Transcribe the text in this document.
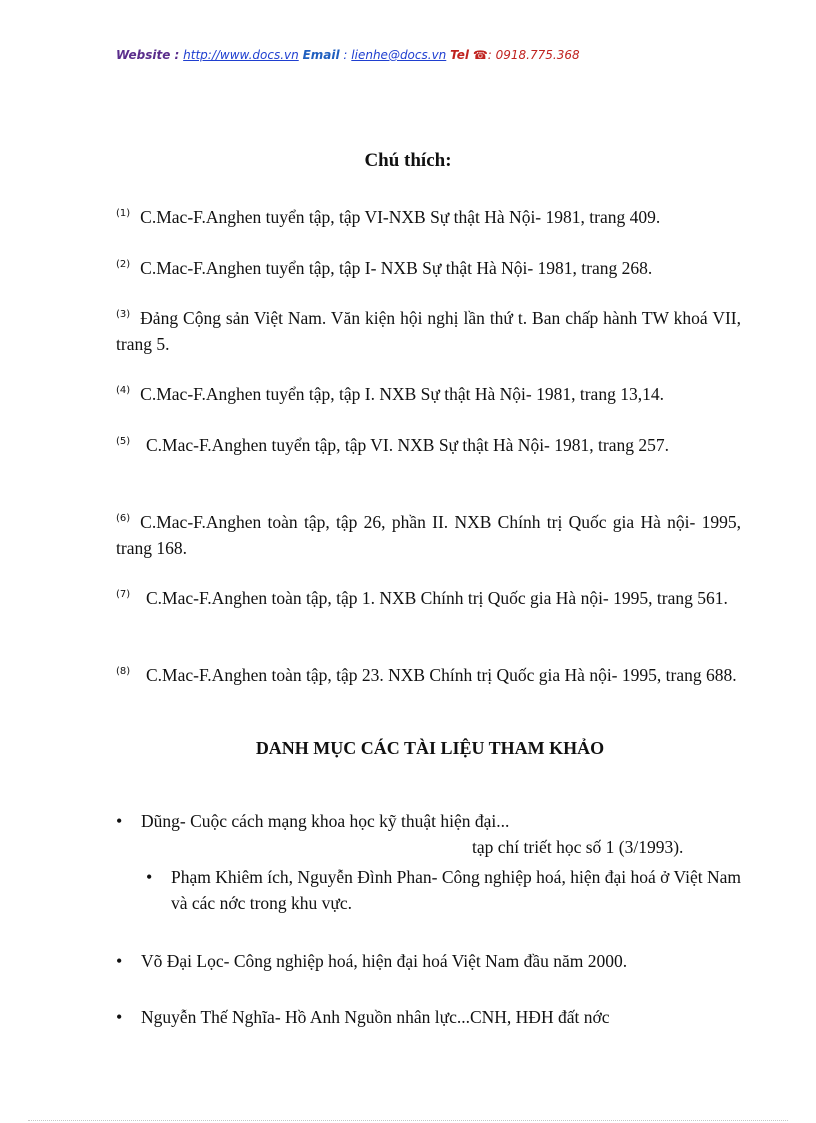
Website : http://www.docs.vn Email : lienhe@docs.vn Tel ☎: 0918.775.368
Chú thích:
$^{(1)}$ C.Mac-F.Anghen tuyển tập, tập VI-NXB Sự thật Hà Nội- 1981, trang 409.
$^{(2)}$ C.Mac-F.Anghen tuyển tập, tập I- NXB Sự thật Hà Nội- 1981, trang 268.
$^{(3)}$ Đảng Cộng sản Việt Nam. Văn kiện hội nghị lần thứ t. Ban chấp hành TW khoá VII, trang 5.
$^{(4)}$ C.Mac-F.Anghen tuyển tập, tập I. NXB Sự thật Hà Nội- 1981, trang 13,14.
$^{(5)}$ C.Mac-F.Anghen tuyển tập, tập VI. NXB Sự thật Hà Nội- 1981, trang 257.
$^{(6)}$ C.Mac-F.Anghen toàn tập, tập 26, phần II. NXB Chính trị Quốc gia Hà nội- 1995, trang 168.
$^{(7)}$ C.Mac-F.Anghen toàn tập, tập 1. NXB Chính trị Quốc gia Hà nội- 1995, trang 561.
$^{(8)}$ C.Mac-F.Anghen toàn tập, tập 23. NXB Chính trị Quốc gia Hà nội- 1995, trang 688.
DANH MỤC CÁC TÀI LIỆU THAM KHẢO
• Dũng- Cuộc cách mạng khoa học kỹ thuật hiện đại...
tạp chí triết học số 1 (3/1993).
• Phạm Khiêm ích, Nguyễn Đình Phan- Công nghiệp hoá, hiện đại hoá ở Việt Nam và các nớc trong khu vực.
• Võ Đại Lọc- Công nghiệp hoá, hiện đại hoá Việt Nam đầu năm 2000.
• Nguyễn Thế Nghĩa- Hồ Anh Nguồn nhân lực...CNH, HĐH đất nớc
